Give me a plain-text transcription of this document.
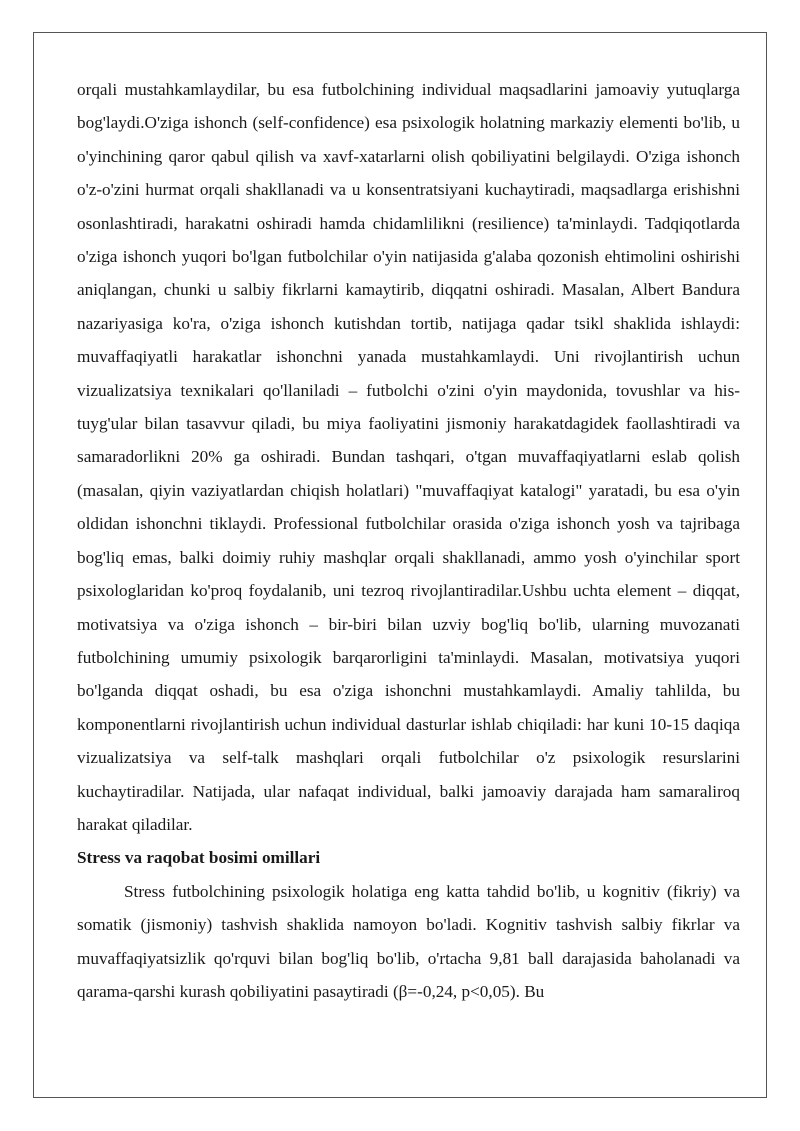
orqali mustahkamlaydilar, bu esa futbolchining individual maqsadlarini jamoaviy yutuqlarga bog'laydi.O'ziga ishonch (self-confidence) esa psixologik holatning markaziy elementi bo'lib, u o'yinchining qaror qabul qilish va xavf-xatarlarni olish qobiliyatini belgilaydi. O'ziga ishonch o'z-o'zini hurmat orqali shakllanadi va u konsentratsiyani kuchaytiradi, maqsadlarga erishishni osonlashtiradi, harakatni oshiradi hamda chidamlilikni (resilience) ta'minlaydi. Tadqiqotlarda o'ziga ishonch yuqori bo'lgan futbolchilar o'yin natijasida g'alaba qozonish ehtimolini oshirishi aniqlangan, chunki u salbiy fikrlarni kamaytirib, diqqatni oshiradi. Masalan, Albert Bandura nazariyasiga ko'ra, o'ziga ishonch kutishdan tortib, natijaga qadar tsikl shaklida ishlaydi: muvaffaqiyatli harakatlar ishonchni yanada mustahkamlaydi. Uni rivojlantirish uchun vizualizatsiya texnikalari qo'llaniladi – futbolchi o'zini o'yin maydonida, tovushlar va his-tuyg'ular bilan tasavvur qiladi, bu miya faoliyatini jismoniy harakatdagidek faollashtiradi va samaradorlikni 20% ga oshiradi. Bundan tashqari, o'tgan muvaffaqiyatlarni eslab qolish (masalan, qiyin vaziyatlardan chiqish holatlari) "muvaffaqiyat katalogi" yaratadi, bu esa o'yin oldidan ishonchni tiklaydi. Professional futbolchilar orasida o'ziga ishonch yosh va tajribaga bog'liq emas, balki doimiy ruhiy mashqlar orqali shakllanadi, ammo yosh o'yinchilar sport psixologlaridan ko'proq foydalanib, uni tezroq rivojlantiradilar.Ushbu uchta element – diqqat, motivatsiya va o'ziga ishonch – bir-biri bilan uzviy bog'liq bo'lib, ularning muvozanati futbolchining umumiy psixologik barqarorligini ta'minlaydi. Masalan, motivatsiya yuqori bo'lganda diqqat oshadi, bu esa o'ziga ishonchni mustahkamlaydi. Amaliy tahlilda, bu komponentlarni rivojlantirish uchun individual dasturlar ishlab chiqiladi: har kuni 10-15 daqiqa vizualizatsiya va self-talk mashqlari orqali futbolchilar o'z psixologik resurslarini kuchaytiradilar. Natijada, ular nafaqat individual, balki jamoaviy darajada ham samaraliroq harakat qiladilar.

Stress va raqobat bosimi omillari

Stress futbolchining psixologik holatiga eng katta tahdid bo'lib, u kognitiv (fikriy) va somatik (jismoniy) tashvish shaklida namoyon bo'ladi. Kognitiv tashvish salbiy fikrlar va muvaffaqiyatsizlik qo'rquvi bilan bog'liq bo'lib, o'rtacha 9,81 ball darajasida baholanadi va qarama-qarshi kurash qobiliyatini pasaytiradi (β=-0,24, p<0,05). Bu
